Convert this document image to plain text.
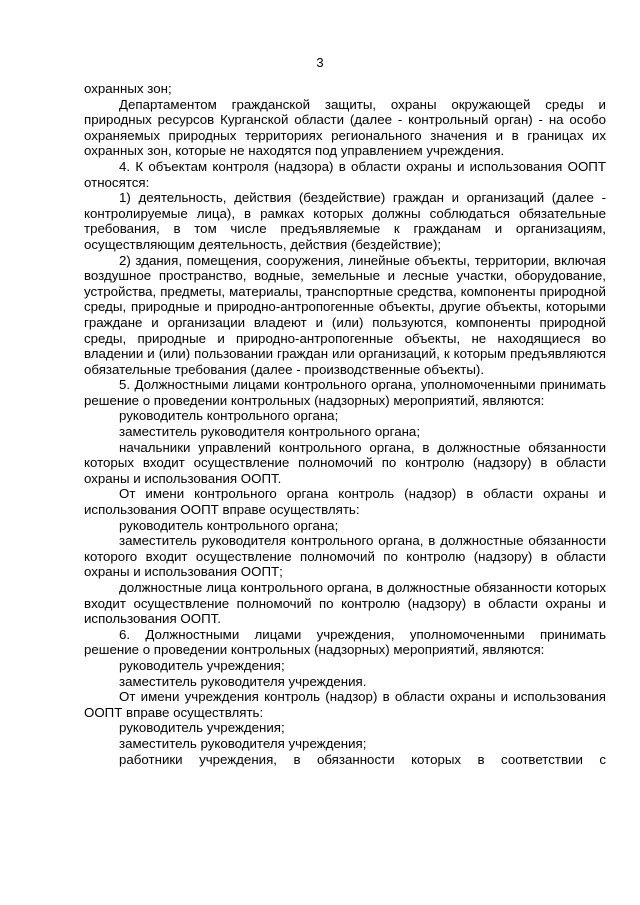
3

охранных зон;

Департаментом гражданской защиты, охраны окружающей среды и природных ресурсов Курганской области (далее - контрольный орган) - на особо охраняемых природных территориях регионального значения и в границах их охранных зон, которые не находятся под управлением учреждения.

4. К объектам контроля (надзора) в области охраны и использования ООПТ относятся:

1) деятельность, действия (бездействие) граждан и организаций (далее - контролируемые лица), в рамках которых должны соблюдаться обязательные требования, в том числе предъявляемые к гражданам и организациям, осуществляющим деятельность, действия (бездействие);

2) здания, помещения, сооружения, линейные объекты, территории, включая воздушное пространство, водные, земельные и лесные участки, оборудование, устройства, предметы, материалы, транспортные средства, компоненты природной среды, природные и природно-антропогенные объекты, другие объекты, которыми граждане и организации владеют и (или) пользуются, компоненты природной среды, природные и природно-антропогенные объекты, не находящиеся во владении и (или) пользовании граждан или организаций, к которым предъявляются обязательные требования (далее - производственные объекты).

5. Должностными лицами контрольного органа, уполномоченными принимать решение о проведении контрольных (надзорных) мероприятий, являются:

руководитель контрольного органа;

заместитель руководителя контрольного органа;

начальники управлений контрольного органа, в должностные обязанности которых входит осуществление полномочий по контролю (надзору) в области охраны и использования ООПТ.

От имени контрольного органа контроль (надзор) в области охраны и использования ООПТ вправе осуществлять:

руководитель контрольного органа;

заместитель руководителя контрольного органа, в должностные обязанности которого входит осуществление полномочий по контролю (надзору) в области охраны и использования ООПТ;

должностные лица контрольного органа, в должностные обязанности которых входит осуществление полномочий по контролю (надзору) в области охраны и использования ООПТ.

6. Должностными лицами учреждения, уполномоченными принимать решение о проведении контрольных (надзорных) мероприятий, являются:

руководитель учреждения;

заместитель руководителя учреждения.

От имени учреждения контроль (надзор) в области охраны и использования ООПТ вправе осуществлять:

руководитель учреждения;

заместитель руководителя учреждения;

работники учреждения, в обязанности которых в соответствии с
